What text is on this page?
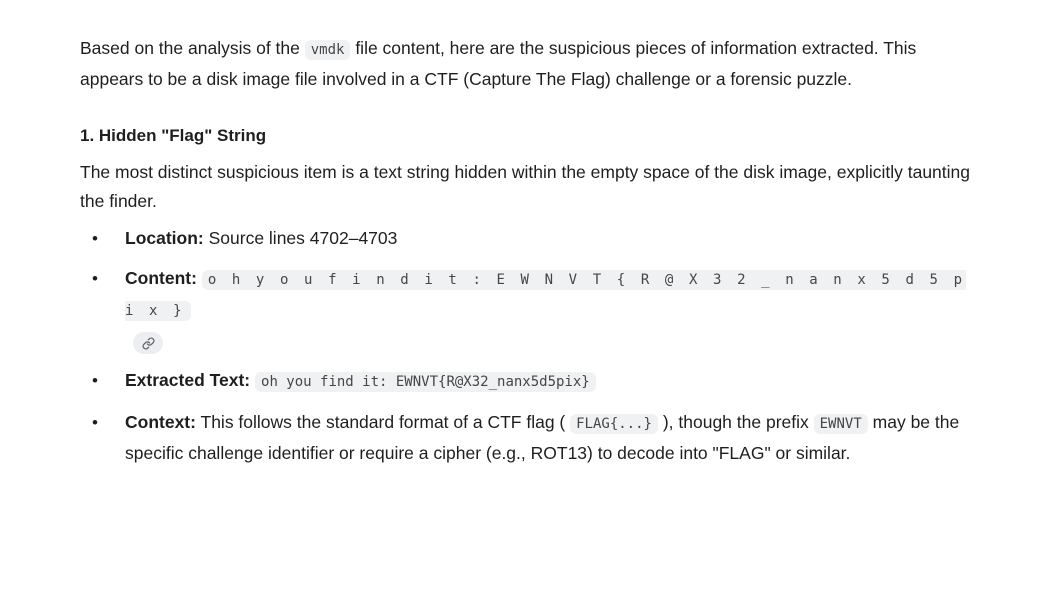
Based on the analysis of the vmdk file content, here are the suspicious pieces of information extracted. This appears to be a disk image file involved in a CTF (Capture The Flag) challenge or a forensic puzzle.

1. Hidden "Flag" String

The most distinct suspicious item is a text string hidden within the empty space of the disk image, explicitly taunting the finder.

• Location: Source lines 4702–4703
• Content: o h y o u f i n d i t : E W N V T { R @ X 3 2 _ n a n x 5 d 5 p i x }

• Extracted Text: oh you find it: EWNVT{R@X32_nanx5d5pix}
• Context: This follows the standard format of a CTF flag ( FLAG{...} ), though the prefix EWNVT may be the specific challenge identifier or require a cipher (e.g., ROT13) to decode into "FLAG" or similar.
